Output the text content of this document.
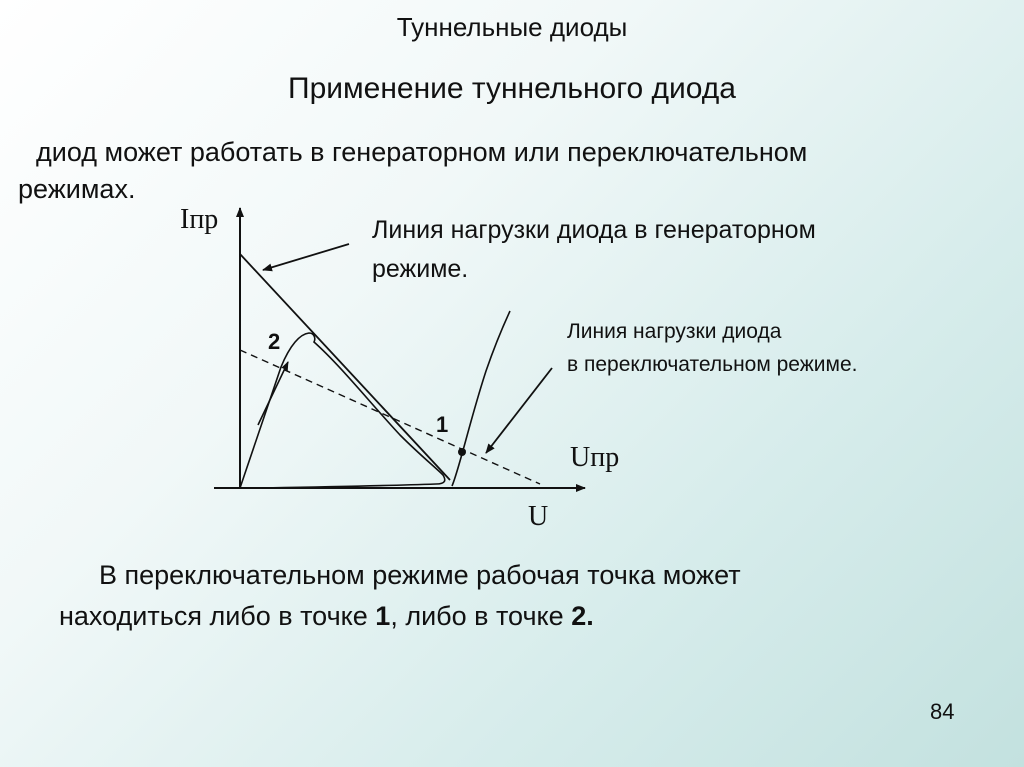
Туннельные диоды
Применение туннельного диода
диод может работать в генераторном или переключательном
режимах.
Iпр
U
Uпр
1
2
Линия нагрузки диода в генераторном
режиме.
Линия нагрузки диода
в переключательном режиме.
В переключательном режиме рабочая точка может
находиться либо в точке 1, либо в точке 2.
84
